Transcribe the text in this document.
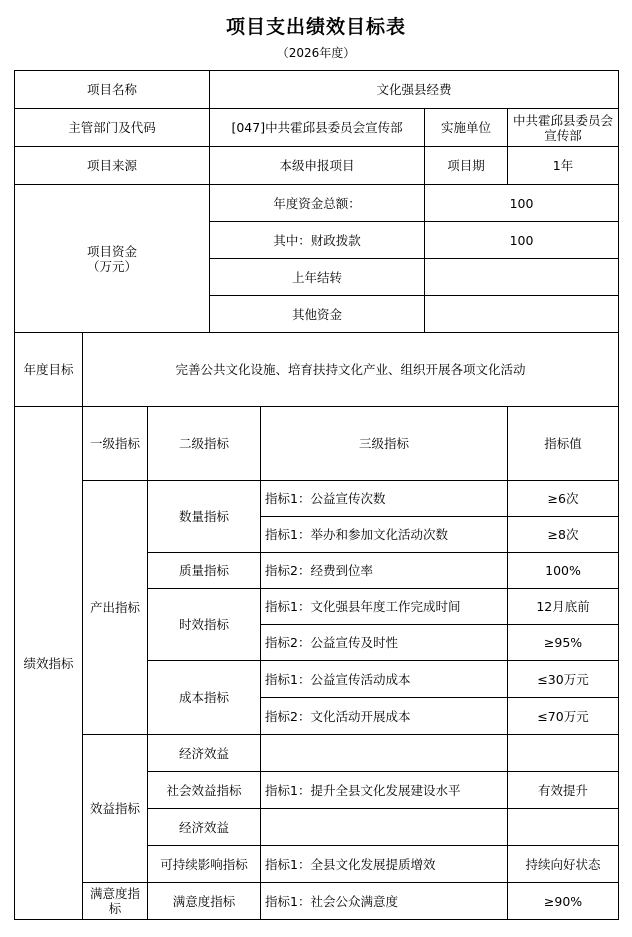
项目支出绩效目标表
（2026年度）
项目名称			文化强县经费			
主管部门及代码			[047]中共霍邱县委员会宣传部		实施单位	中共霍邱县委员会宣传部
项目来源			本级申报项目		项目期	1年
项目资金
（万元）			年度资金总额：		100	
			其中：财政拨款		100	
			上年结转			
			其他资金			
年度目标	完善公共文化设施、培育扶持文化产业、组织开展各项文化活动					
绩效指标	一级指标	二级指标		三级指标		指标值
	产出指标	数量指标		指标1：公益宣传次数		≥6次
				指标1：举办和参加文化活动次数		≥8次
		质量指标		指标2：经费到位率		100%
		时效指标		指标1：文化强县年度工作完成时间		12月底前
				指标2：公益宣传及时性		≥95%
		成本指标		指标1：公益宣传活动成本		≤30万元
				指标2：文化活动开展成本		≤70万元
	效益指标	经济效益				
		社会效益指标		指标1：提升全县文化发展建设水平		有效提升
		经济效益				
		可持续影响指标		指标1：全县文化发展提质增效		持续向好状态
	满意度指标	满意度指标		指标1：社会公众满意度		≥90%
